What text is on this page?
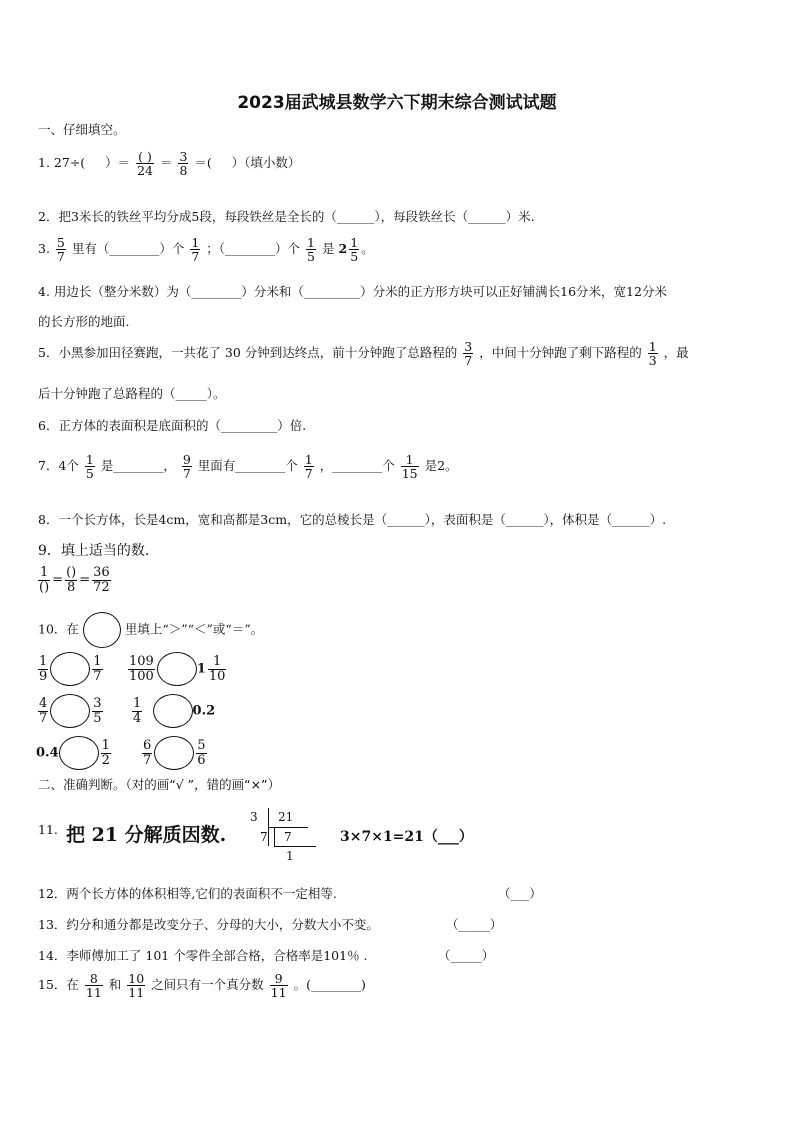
2023届武城县数学六下期末综合测试试题
一、仔细填空。
1. 27÷( ）＝ $\frac{( )}{24} = \frac{3}{8}$ ＝( ）（填小数）
2．把3米长的铁丝平均分成5段，每段铁丝是全长的（______），每段铁丝长（______）米.
3. $\frac{5}{7}$ 里有（________）个 $\frac{1}{7}$ ；（________）个 $\frac{1}{5}$ 是 $2 \frac{1}{5}$ 。
4. 用边长（整分米数）为（________）分米和（_________）分米的正方形方块可以正好铺满长16分米，宽12分米
的长方形的地面.
5．小黑参加田径赛跑，一共花了 30 分钟到达终点，前十分钟跑了总路程的 $\frac{3}{7}$ ，中间十分钟跑了剩下路程的 $\frac{1}{3}$ ，最
后十分钟跑了总路程的（_____）。
6．正方体的表面积是底面积的（_________）倍.
7．4个 $\frac{1}{5}$ 是________， $\frac{9}{7}$ 里面有________个 $\frac{1}{7}$ ，________个 $\frac{1}{15}$ 是2。
8．一个长方体，长是4cm，宽和高都是3cm，它的总棱长是（______），表面积是（______），体积是（______）.
9．填上适当的数.
$\frac{1}{()} = \frac{()}{8} = \frac{36}{72}$
10．在	里填上“＞”“＜”或“＝”。
$\frac{1}{9}$	$\frac{1}{7} \frac{109}{100}$	$1 \frac{1}{10}$
$\frac{4}{7}$	$\frac{3}{5} \frac{1}{4}$	0.2
0.4	$\frac{1}{2} \frac{6}{7}$	$\frac{5}{6}$
二、准确判断。（对的画“√ ”，错的画“×”）
11. 把 21 分解质因数.
3 21
7 7
1
3×7×1=21（___）
12．两个长方体的体积相等,它们的表面积不一定相等.	（___）
13．约分和通分都是改变分子、分母的大小，分数大小不变。	（_____）
14．李师傅加工了 101 个零件全部合格，合格率是101％ .	（_____）
15．在 $\frac{8}{11}$ 和 $\frac{10}{11}$ 之间只有一个真分数 $\frac{9}{11}$ 。(________)
